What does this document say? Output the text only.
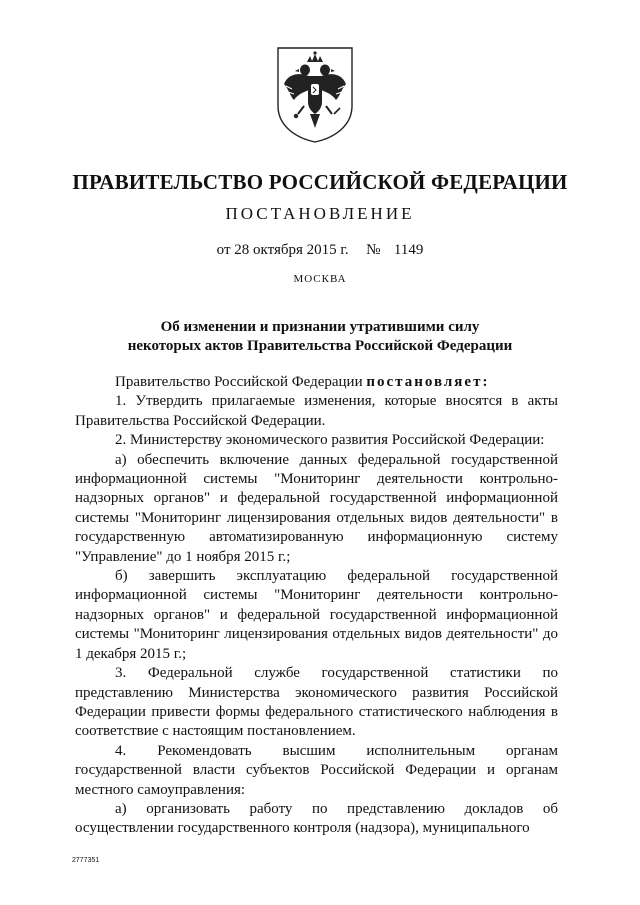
ПРАВИТЕЛЬСТВО РОССИЙСКОЙ ФЕДЕРАЦИИ
ПОСТАНОВЛЕНИЕ
от 28 октября 2015 г. № 1149
МОСКВА
Об изменении и признании утратившими силу
некоторых актов Правительства Российской Федерации

Правительство Российской Федерации постановляет:

1. Утвердить прилагаемые изменения, которые вносятся в акты Правительства Российской Федерации.

2. Министерству экономического развития Российской Федерации:

а) обеспечить включение данных федеральной государственной информационной системы "Мониторинг деятельности контрольно-надзорных органов" и федеральной государственной информационной системы "Мониторинг лицензирования отдельных видов деятельности" в государственную автоматизированную информационную систему "Управление" до 1 ноября 2015 г.;

б) завершить эксплуатацию федеральной государственной информационной системы "Мониторинг деятельности контрольно-надзорных органов" и федеральной государственной информационной системы "Мониторинг лицензирования отдельных видов деятельности" до 1 декабря 2015 г.;

3. Федеральной службе государственной статистики по представлению Министерства экономического развития Российской Федерации привести формы федерального статистического наблюдения в соответствие с настоящим постановлением.

4. Рекомендовать высшим исполнительным органам государственной власти субъектов Российской Федерации и органам местного самоуправления:

а) организовать работу по представлению докладов об осуществлении государственного контроля (надзора), муниципального

2777351
